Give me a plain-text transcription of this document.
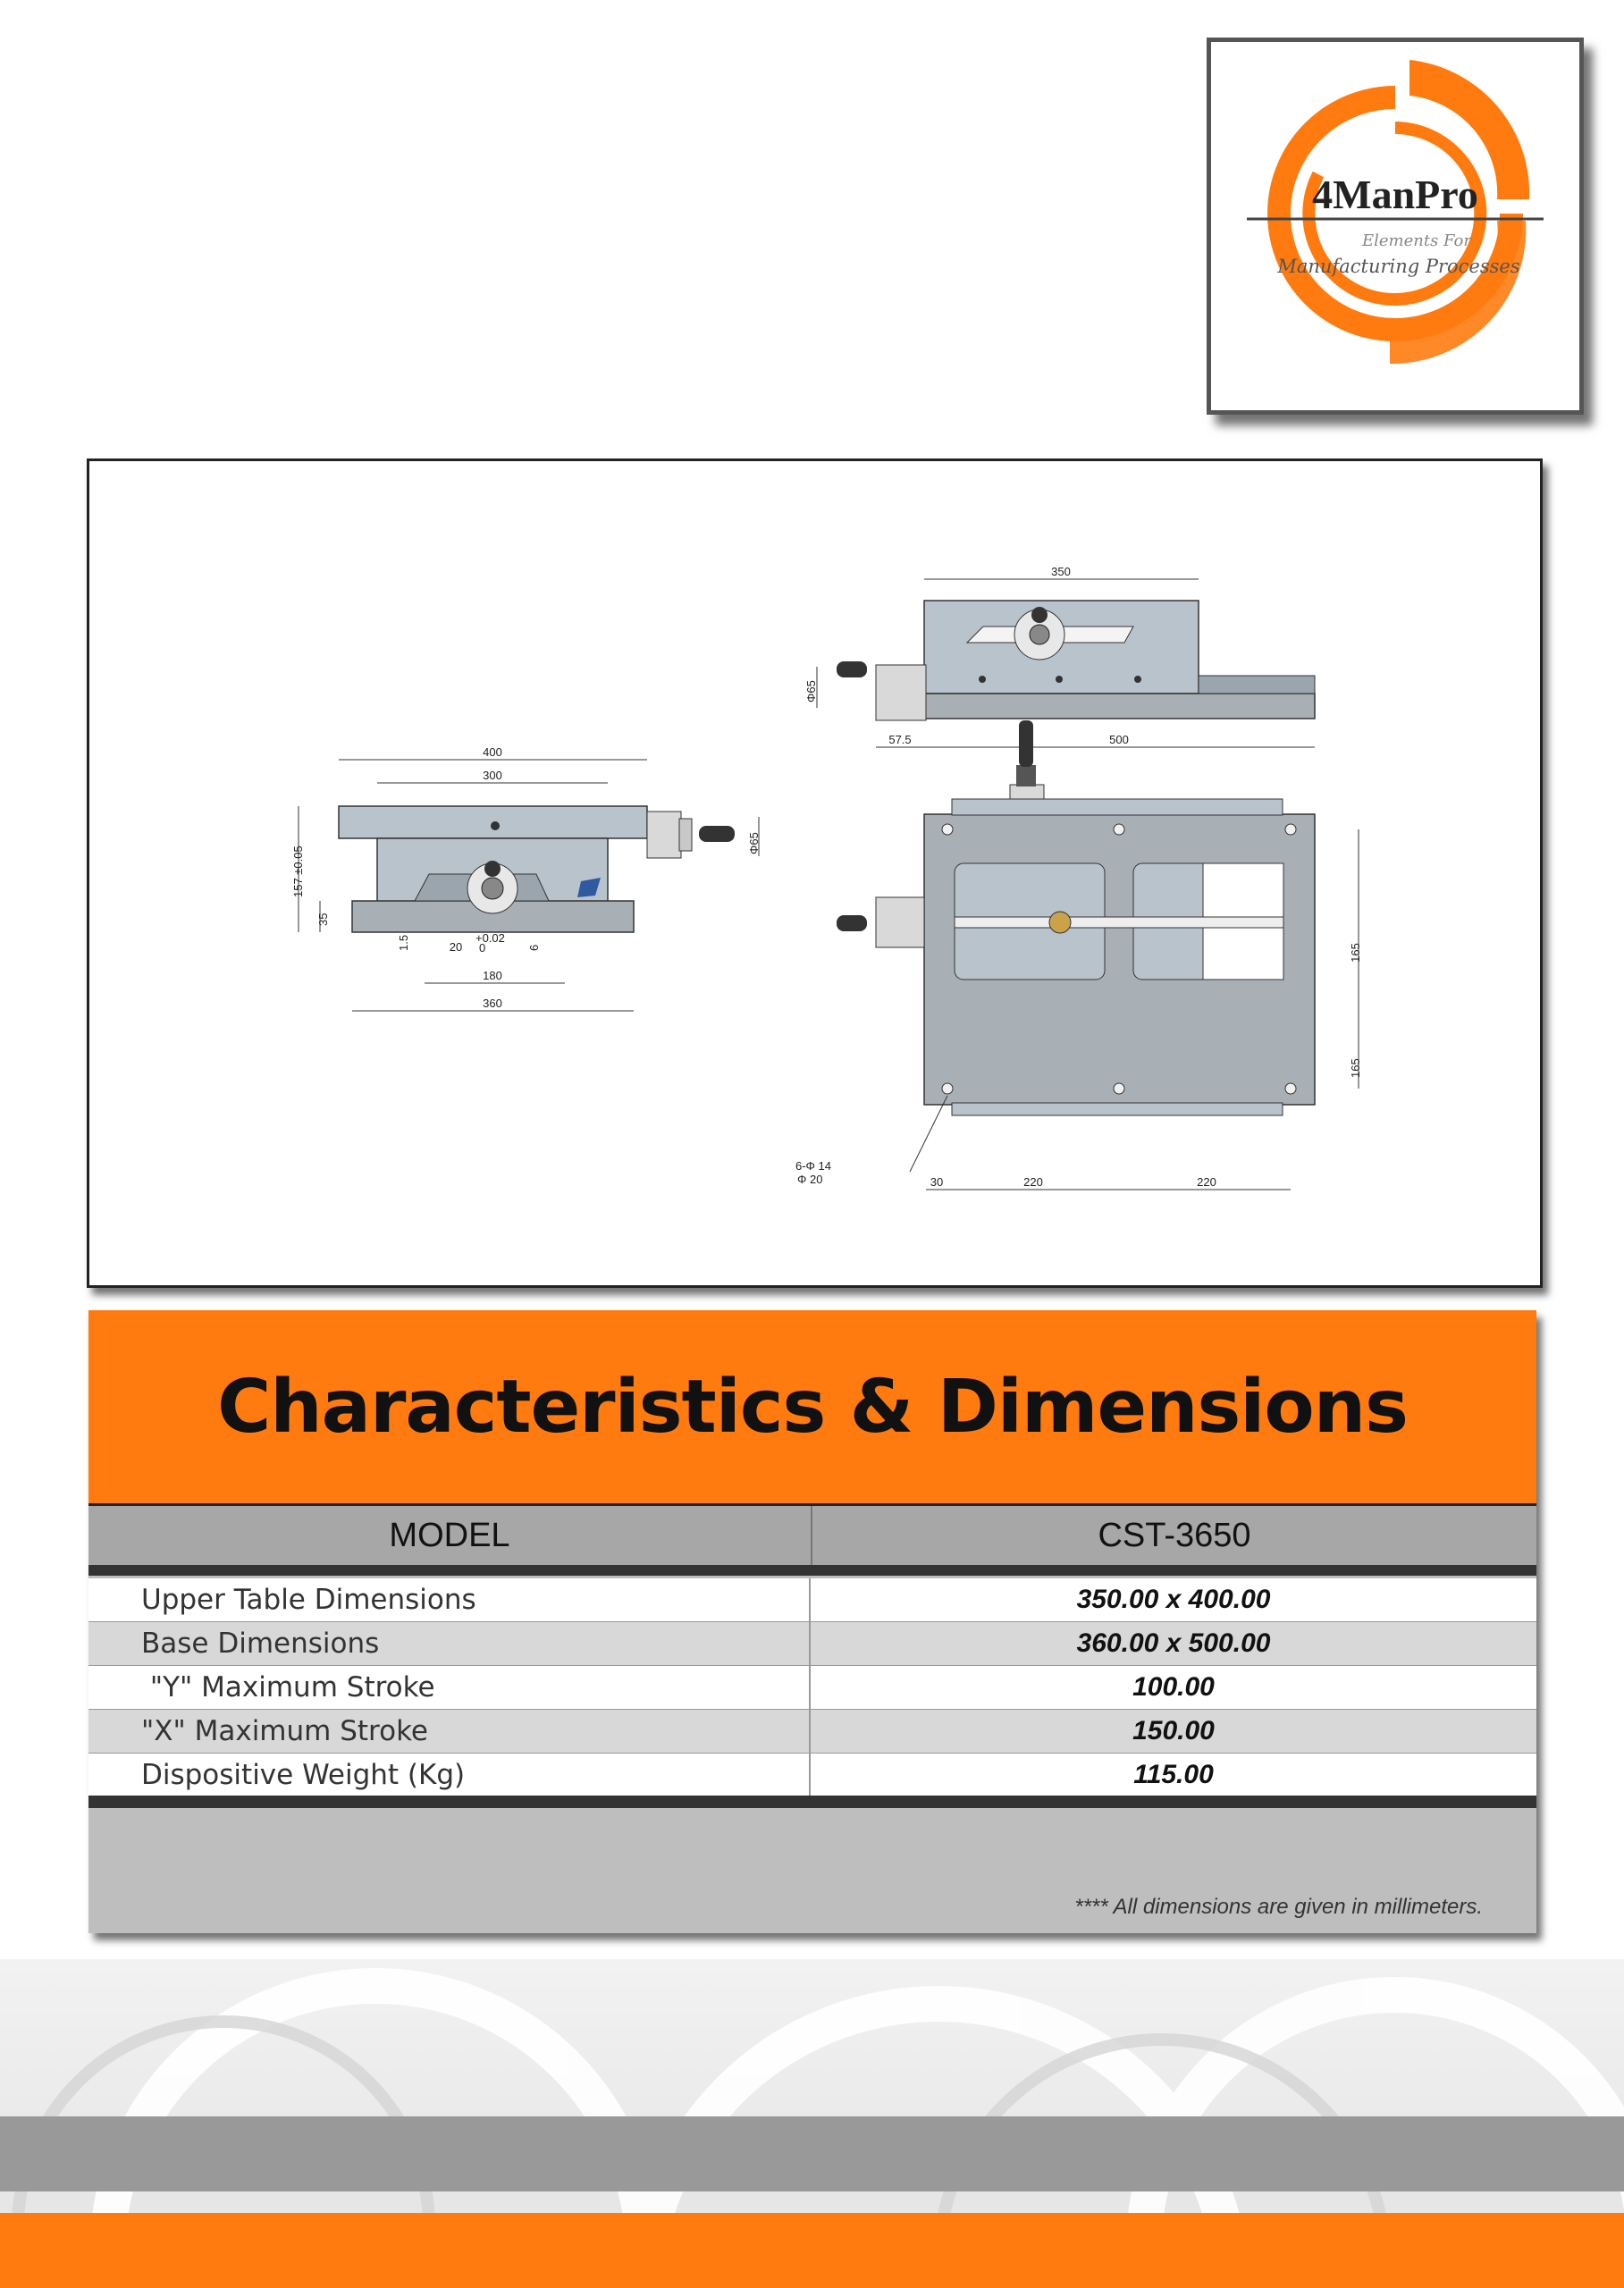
4ManPro
Elements For
Manufacturing Processes
400
300
360
180
20
+0.02
0
1.5	6
157 ±0.05
35
Φ65
350
57.5	500
Φ65
165
165
6-Φ 14
Φ 20	30	220	220
Characteristics & Dimensions
MODEL	CST-3650
Upper Table Dimensions	350.00 x 400.00
Base Dimensions	360.00 x 500.00
"Y" Maximum Stroke	100.00
"X" Maximum Stroke	150.00
Dispositive Weight (Kg)	115.00
**** All dimensions are given in millimeters.
